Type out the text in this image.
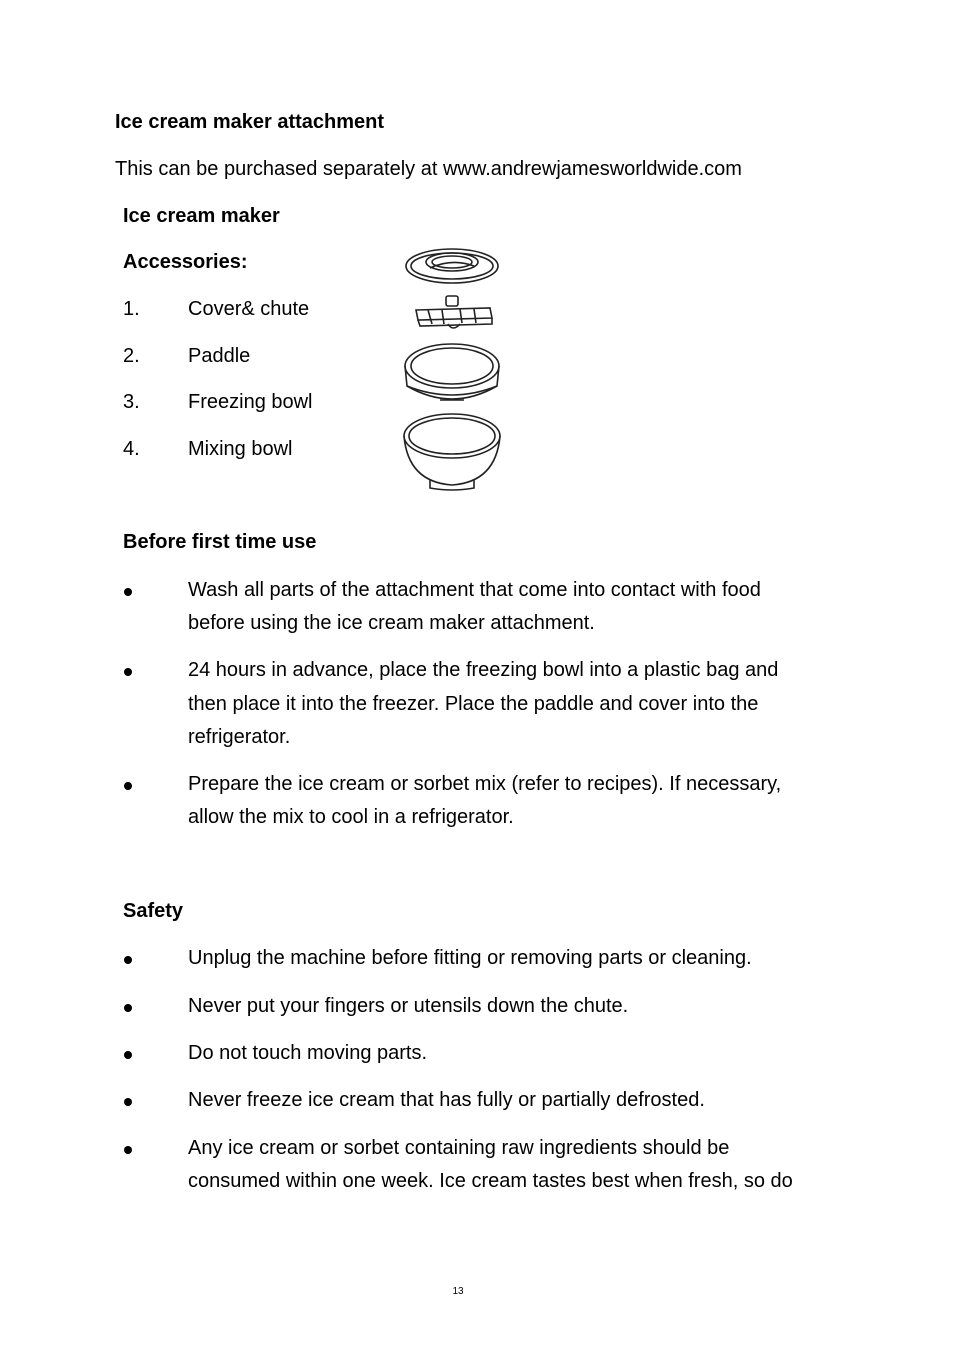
Ice cream maker attachment
This can be purchased separately at www.andrewjamesworldwide.com
Ice cream maker
Accessories:
1. Cover& chute
2. Paddle
3. Freezing bowl
4. Mixing bowl
Before first time use
Wash all parts of the attachment that come into contact with food
before using the ice cream maker attachment.
24 hours in advance, place the freezing bowl into a plastic bag and
then place it into the freezer. Place the paddle and cover into the
refrigerator.
Prepare the ice cream or sorbet mix (refer to recipes). If necessary,
allow the mix to cool in a refrigerator.
Safety
Unplug the machine before fitting or removing parts or cleaning.
Never put your fingers or utensils down the chute.
Do not touch moving parts.
Never freeze ice cream that has fully or partially defrosted.
Any ice cream or sorbet containing raw ingredients should be
consumed within one week. Ice cream tastes best when fresh, so do
13
